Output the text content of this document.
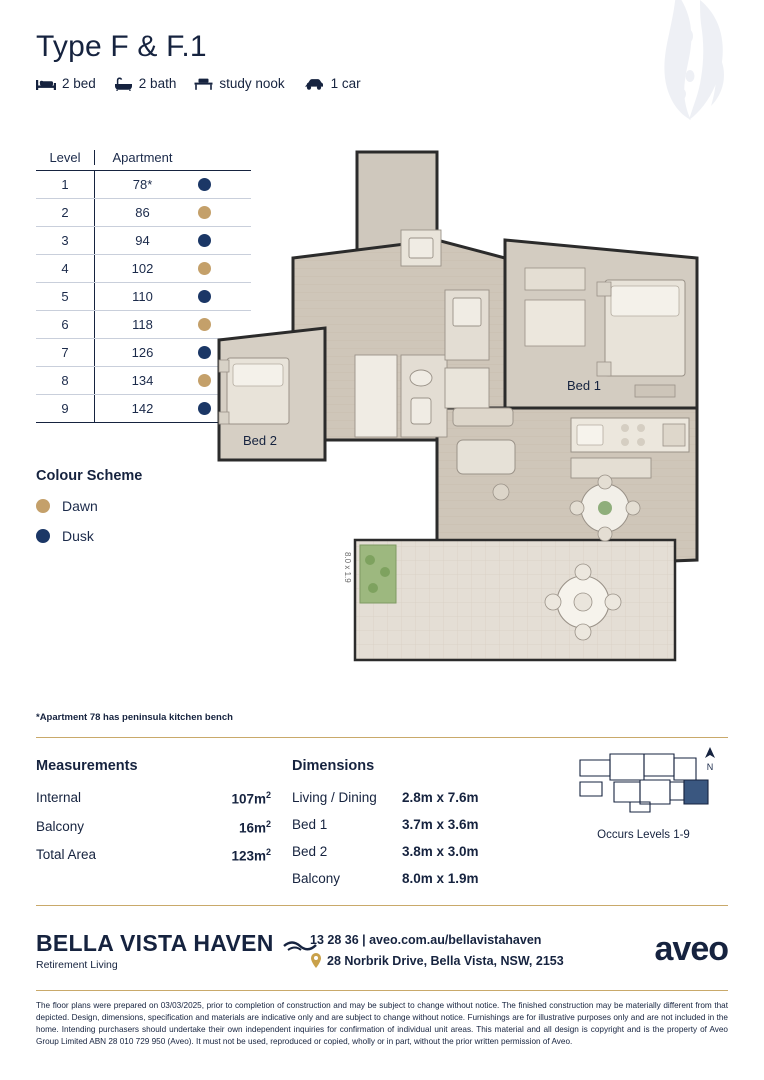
Type F & F.1
2 bed	2 bath	study nook	1 car
Level	Apartment
1	78*
2	86
3	94
4	102
5	110
6	118
7	126
8	134
9	142
Colour Scheme
Dawn
Dusk
Bed 1
Bed 2
8.0 x 1.9
*Apartment 78 has peninsula kitchen bench
Measurements
Internal	$107m^2$
Balcony	$16m^2$
Total Area	$123m^2$
Dimensions
Living / Dining	2.8m x 7.6m
Bed 1	3.7m x 3.6m
Bed 2	3.8m x 3.0m
Balcony	8.0m x 1.9m
N
Occurs Levels 1-9
BELLA VISTA HAVEN
Retirement Living
13 28 36 | aveo.com.au/bellavistahaven
28 Norbrik Drive, Bella Vista, NSW, 2153	aveo
The floor plans were prepared on 03/03/2025, prior to completion of construction and may be subject to change without notice. The finished construction may be materially different from that depicted. Design, dimensions, specification and materials are indicative only and are subject to change without notice. Furnishings are for illustrative purposes only and are not included in the home. Intending purchasers should undertake their own independent inquiries for confirmation of individual unit areas. This material and all design is copyright and is the property of Aveo Group Limited ABN 28 010 729 950 (Aveo). It must not be used, reproduced or copied, wholly or in part, without the prior written permission of Aveo.
